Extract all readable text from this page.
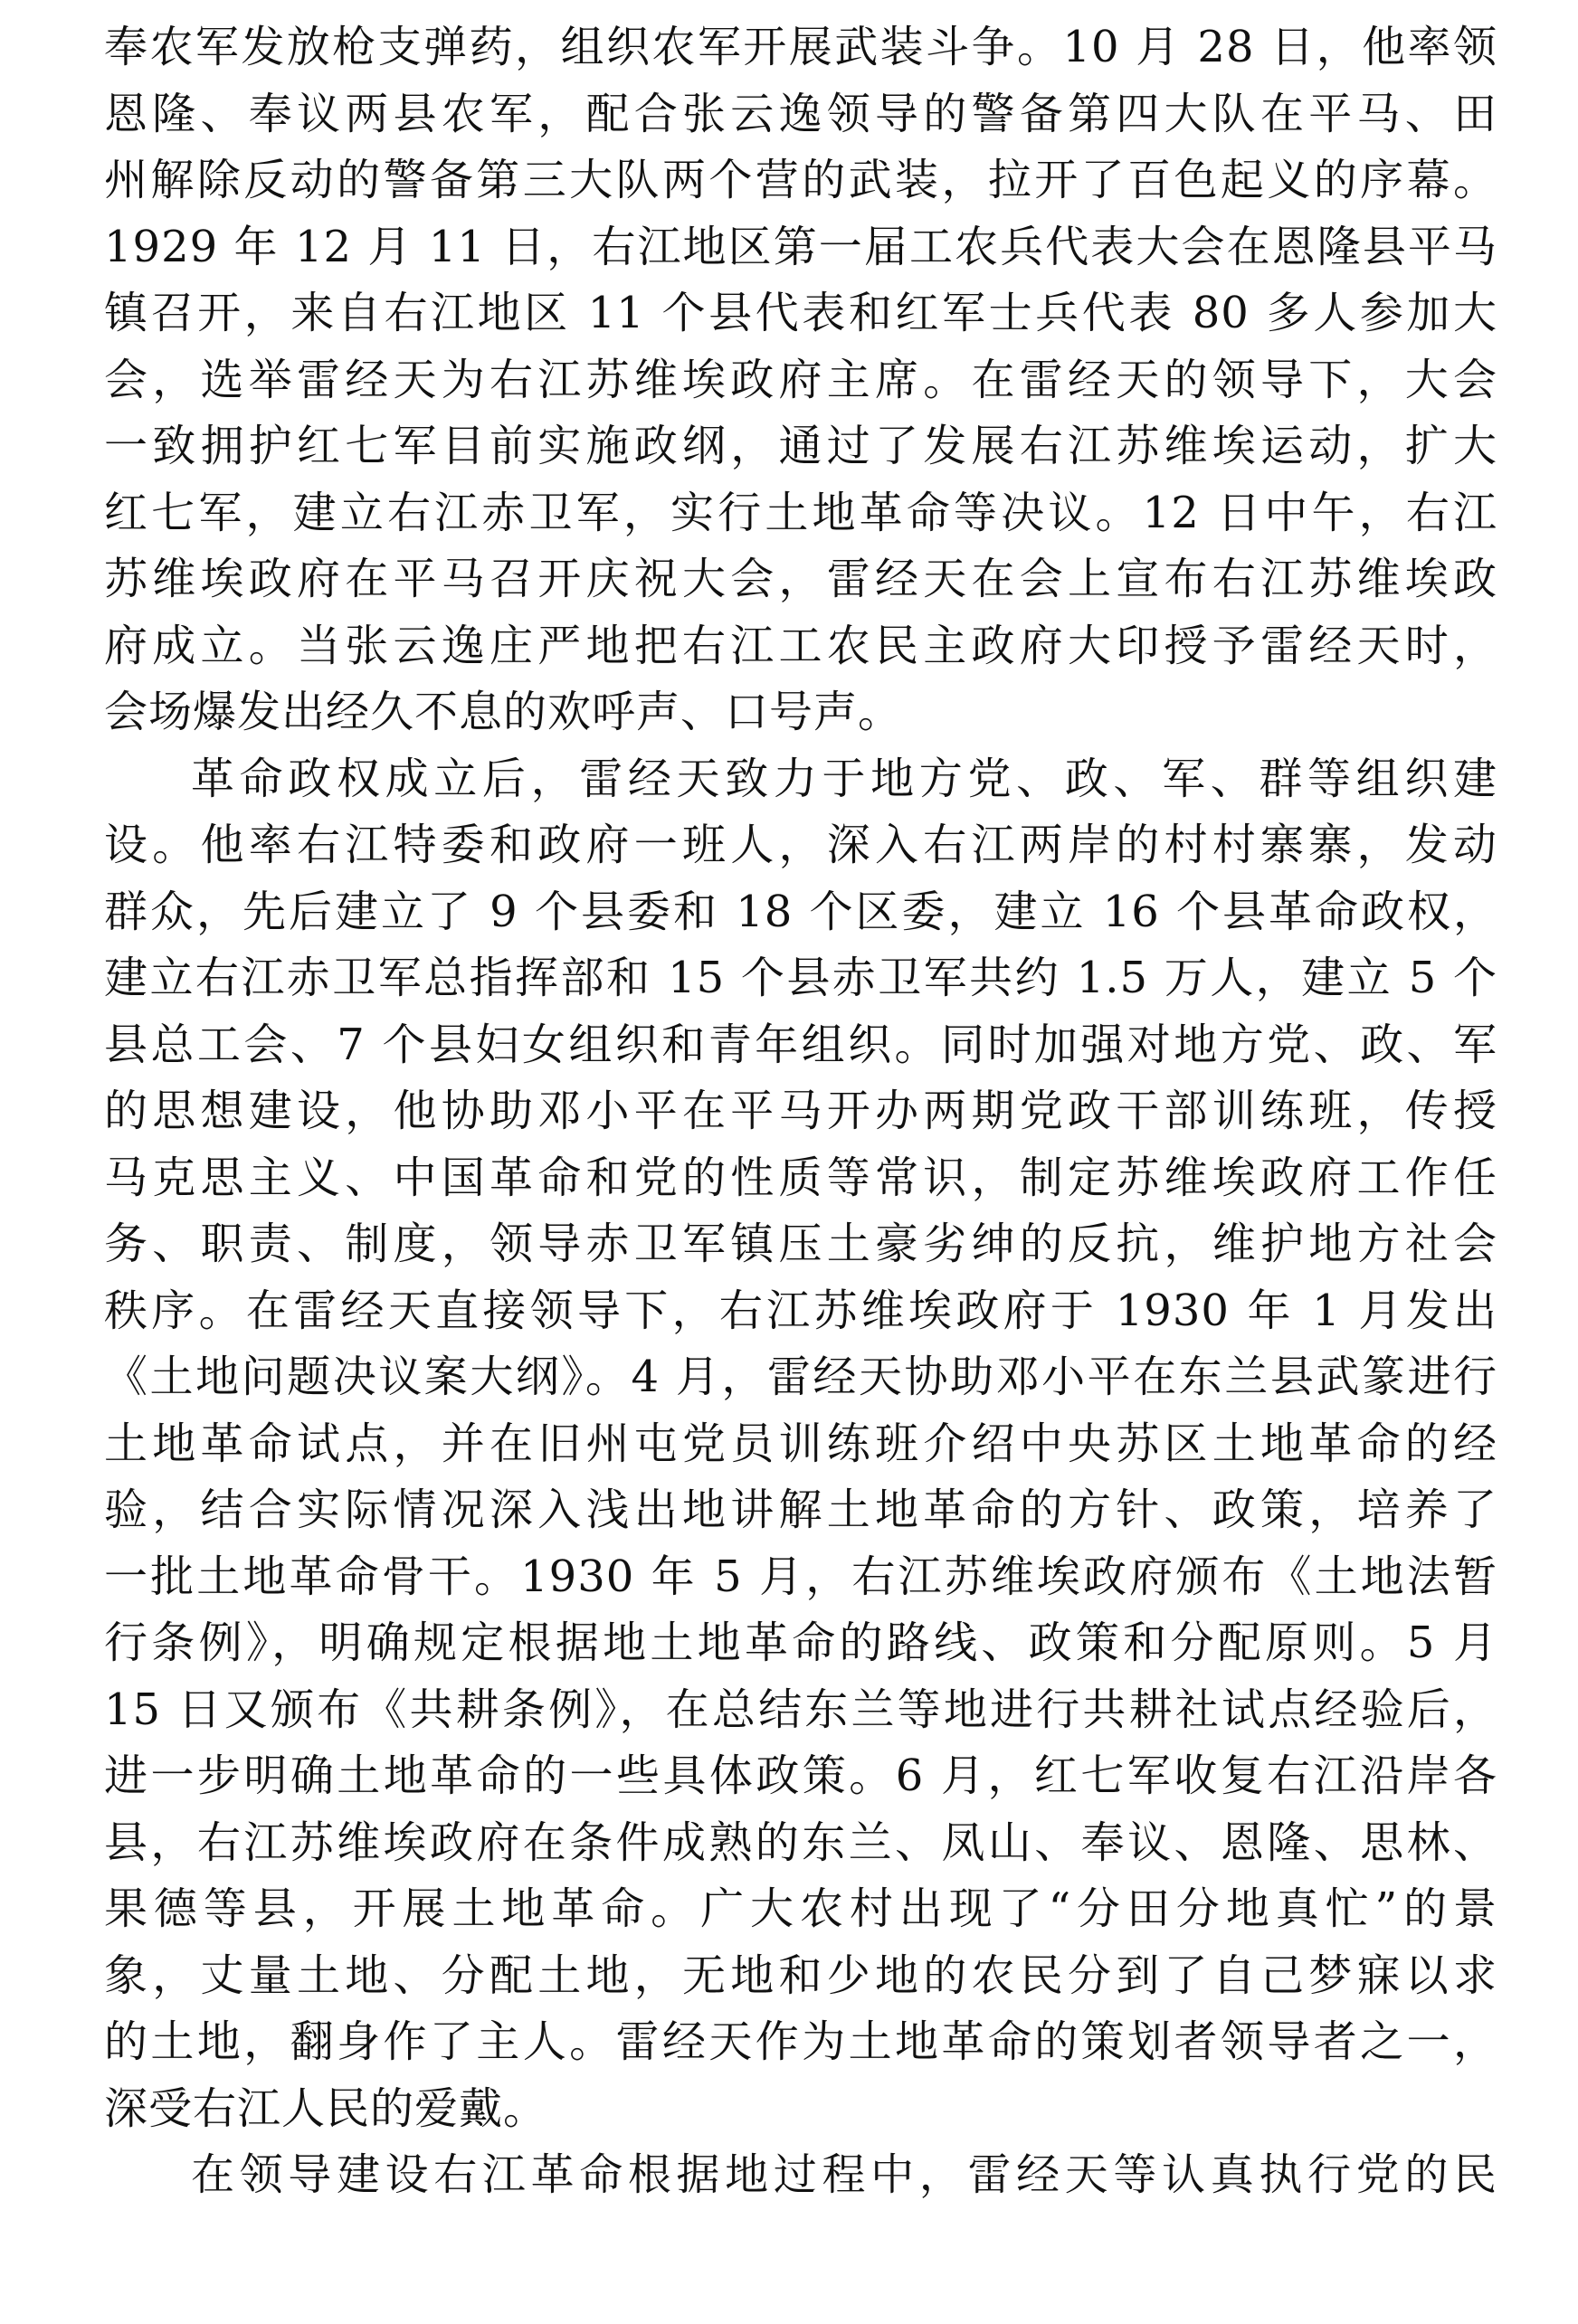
奉农军发放枪支弹药，组织农军开展武装斗争。10 月 28 日，他率领
恩隆、奉议两县农军，配合张云逸领导的警备第四大队在平马、田
州解除反动的警备第三大队两个营的武装，拉开了百色起义的序幕。
1929 年 12 月 11 日，右江地区第一届工农兵代表大会在恩隆县平马
镇召开，来自右江地区 11 个县代表和红军士兵代表 80 多人参加大
会，选举雷经天为右江苏维埃政府主席。在雷经天的领导下，大会
一致拥护红七军目前实施政纲，通过了发展右江苏维埃运动，扩大
红七军，建立右江赤卫军，实行土地革命等决议。12 日中午，右江
苏维埃政府在平马召开庆祝大会，雷经天在会上宣布右江苏维埃政
府成立。当张云逸庄严地把右江工农民主政府大印授予雷经天时，
会场爆发出经久不息的欢呼声、口号声。
革命政权成立后，雷经天致力于地方党、政、军、群等组织建
设。他率右江特委和政府一班人，深入右江两岸的村村寨寨，发动
群众，先后建立了 9 个县委和 18 个区委，建立 16 个县革命政权，
建立右江赤卫军总指挥部和 15 个县赤卫军共约 1.5 万人，建立 5 个
县总工会、7 个县妇女组织和青年组织。同时加强对地方党、政、军
的思想建设，他协助邓小平在平马开办两期党政干部训练班，传授
马克思主义、中国革命和党的性质等常识，制定苏维埃政府工作任
务、职责、制度，领导赤卫军镇压土豪劣绅的反抗，维护地方社会
秩序。在雷经天直接领导下，右江苏维埃政府于 1930 年 1 月发出
《土地问题决议案大纲》。4 月，雷经天协助邓小平在东兰县武篆进行
土地革命试点，并在旧州屯党员训练班介绍中央苏区土地革命的经
验，结合实际情况深入浅出地讲解土地革命的方针、政策，培养了
一批土地革命骨干。1930 年 5 月，右江苏维埃政府颁布《土地法暂
行条例》，明确规定根据地土地革命的路线、政策和分配原则。5 月
15 日又颁布《共耕条例》，在总结东兰等地进行共耕社试点经验后，
进一步明确土地革命的一些具体政策。6 月，红七军收复右江沿岸各
县，右江苏维埃政府在条件成熟的东兰、凤山、奉议、恩隆、思林、
果德等县，开展土地革命。广大农村出现了“分田分地真忙”的景
象，丈量土地、分配土地，无地和少地的农民分到了自己梦寐以求
的土地，翻身作了主人。雷经天作为土地革命的策划者领导者之一，
深受右江人民的爱戴。
在领导建设右江革命根据地过程中，雷经天等认真执行党的民
